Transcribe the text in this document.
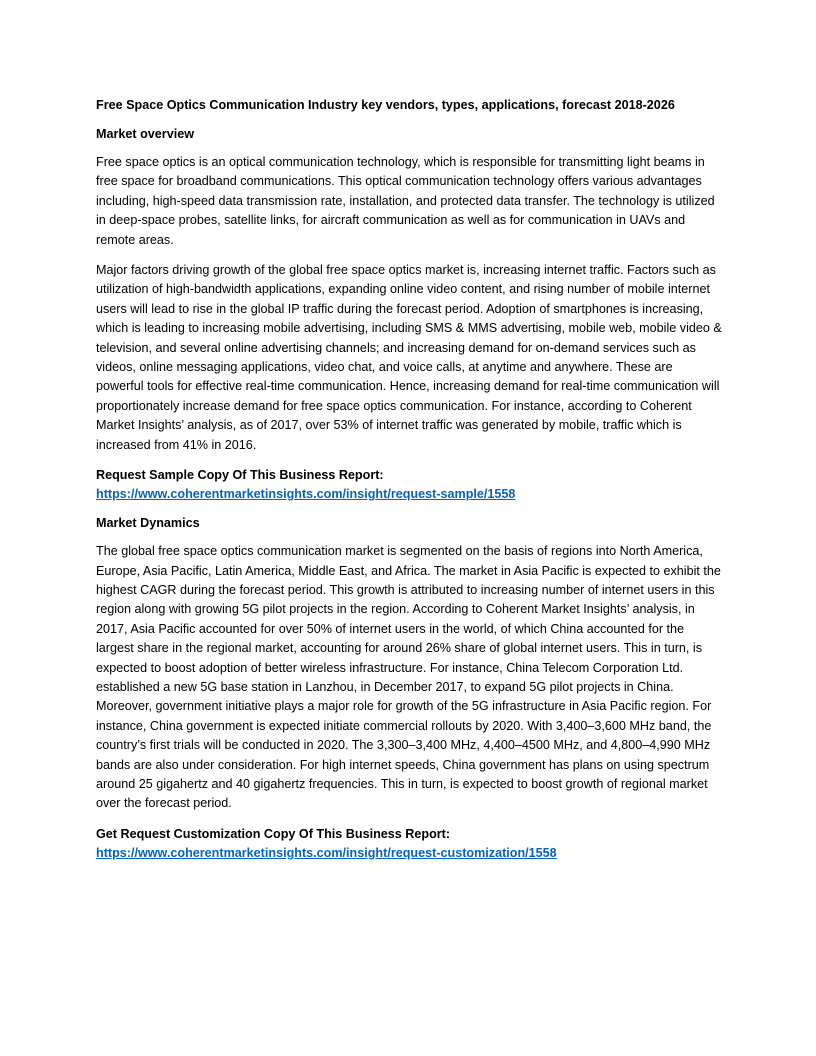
Free Space Optics Communication Industry key vendors, types, applications, forecast 2018-2026

Market overview

Free space optics is an optical communication technology, which is responsible for transmitting light beams in free space for broadband communications. This optical communication technology offers various advantages including, high-speed data transmission rate, installation, and protected data transfer. The technology is utilized in deep-space probes, satellite links, for aircraft communication as well as for communication in UAVs and remote areas.

Major factors driving growth of the global free space optics market is, increasing internet traffic. Factors such as utilization of high-bandwidth applications, expanding online video content, and rising number of mobile internet users will lead to rise in the global IP traffic during the forecast period. Adoption of smartphones is increasing, which is leading to increasing mobile advertising, including SMS & MMS advertising, mobile web, mobile video & television, and several online advertising channels; and increasing demand for on-demand services such as videos, online messaging applications, video chat, and voice calls, at anytime and anywhere. These are powerful tools for effective real-time communication. Hence, increasing demand for real-time communication will proportionately increase demand for free space optics communication. For instance, according to Coherent Market Insights’ analysis, as of 2017, over 53% of internet traffic was generated by mobile, traffic which is increased from 41% in 2016.

Request Sample Copy Of This Business Report:

https://www.coherentmarketinsights.com/insight/request-sample/1558

Market Dynamics

The global free space optics communication market is segmented on the basis of regions into North America, Europe, Asia Pacific, Latin America, Middle East, and Africa. The market in Asia Pacific is expected to exhibit the highest CAGR during the forecast period. This growth is attributed to increasing number of internet users in this region along with growing 5G pilot projects in the region. According to Coherent Market Insights’ analysis, in 2017, Asia Pacific accounted for over 50% of internet users in the world, of which China accounted for the largest share in the regional market, accounting for around 26% share of global internet users. This in turn, is expected to boost adoption of better wireless infrastructure. For instance, China Telecom Corporation Ltd. established a new 5G base station in Lanzhou, in December 2017, to expand 5G pilot projects in China. Moreover, government initiative plays a major role for growth of the 5G infrastructure in Asia Pacific region. For instance, China government is expected initiate commercial rollouts by 2020. With 3,400–3,600 MHz band, the country’s first trials will be conducted in 2020. The 3,300–3,400 MHz, 4,400–4500 MHz, and 4,800–4,990 MHz bands are also under consideration. For high internet speeds, China government has plans on using spectrum around 25 gigahertz and 40 gigahertz frequencies. This in turn, is expected to boost growth of regional market over the forecast period.

Get Request Customization Copy Of This Business Report:

https://www.coherentmarketinsights.com/insight/request-customization/1558
